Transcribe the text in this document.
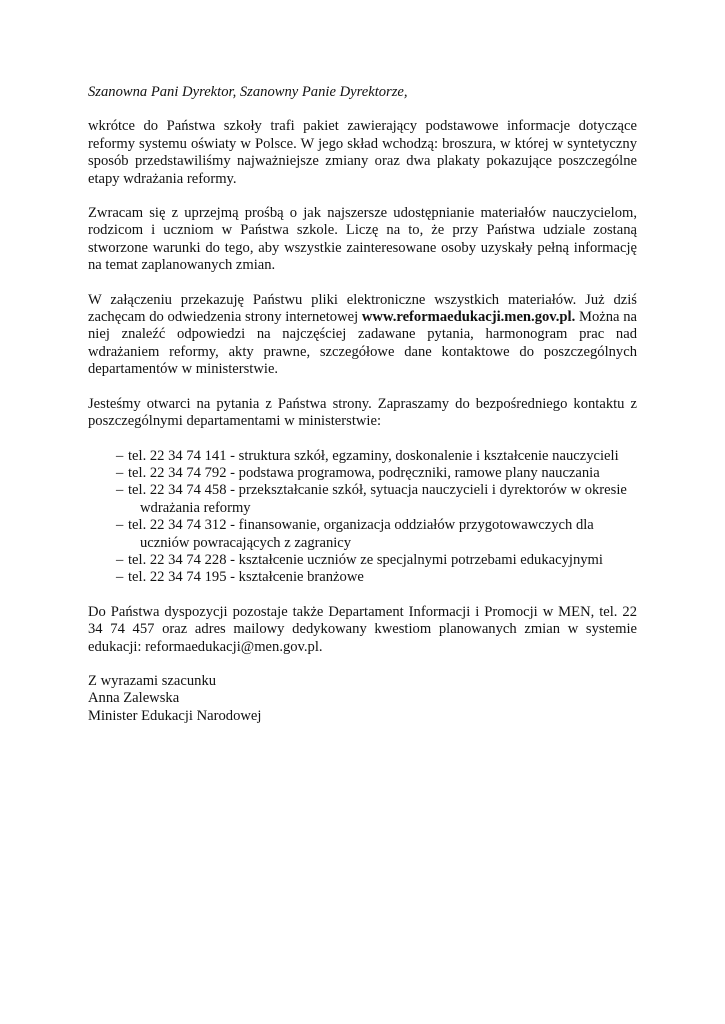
Szanowna Pani Dyrektor, Szanowny Panie Dyrektorze,

wkrótce do Państwa szkoły trafi pakiet zawierający podstawowe informacje dotyczące reformy systemu oświaty w Polsce. W jego skład wchodzą: broszura, w której w syntetyczny sposób przedstawiliśmy najważniejsze zmiany oraz dwa plakaty pokazujące poszczególne etapy wdrażania reformy.

Zwracam się z uprzejmą prośbą o jak najszersze udostępnianie materiałów nauczycielom, rodzicom i uczniom w Państwa szkole. Liczę na to, że przy Państwa udziale zostaną stworzone warunki do tego, aby wszystkie zainteresowane osoby uzyskały pełną informację na temat zaplanowanych zmian.

W załączeniu przekazuję Państwu pliki elektroniczne wszystkich materiałów. Już dziś zachęcam do odwiedzenia strony internetowej www.reformaedukacji.men.gov.pl. Można na niej znaleźć odpowiedzi na najczęściej zadawane pytania, harmonogram prac nad wdrażaniem reformy, akty prawne, szczegółowe dane kontaktowe do poszczególnych departamentów w ministerstwie.

Jesteśmy otwarci na pytania z Państwa strony. Zapraszamy do bezpośredniego kontaktu z poszczególnymi departamentami w ministerstwie:

– tel. 22 34 74 141 - struktura szkół, egzaminy, doskonalenie i kształcenie nauczycieli
– tel. 22 34 74 792 - podstawa programowa, podręczniki, ramowe plany nauczania
– tel. 22 34 74 458 - przekształcanie szkół, sytuacja nauczycieli i dyrektorów w okresie
wdrażania reformy
– tel. 22 34 74 312 - finansowanie, organizacja oddziałów przygotowawczych dla
uczniów powracających z zagranicy
– tel. 22 34 74 228 - kształcenie uczniów ze specjalnymi potrzebami edukacyjnymi
– tel. 22 34 74 195 - kształcenie branżowe

Do Państwa dyspozycji pozostaje także Departament Informacji i Promocji w MEN, tel. 22 34 74 457 oraz adres mailowy dedykowany kwestiom planowanych zmian w systemie edukacji: reformaedukacji@men.gov.pl.

Z wyrazami szacunku
Anna Zalewska
Minister Edukacji Narodowej
